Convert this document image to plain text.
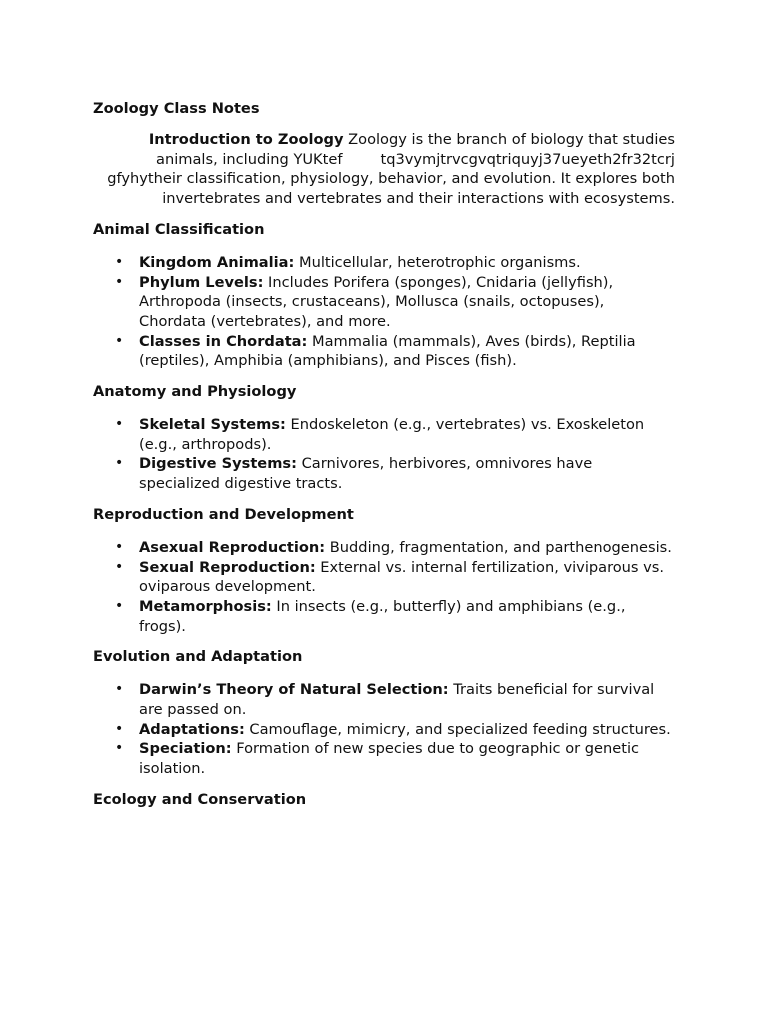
Zoology Class Notes

Introduction to Zoology Zoology is the branch of biology that studies animals, including YUKtef	tq3vymjtrvcgvqtriquyj37ueyeth2fr32tcrj gfyhytheir classification, physiology, behavior, and evolution. It explores both invertebrates and vertebrates and their interactions with ecosystems.

Animal Classification
• Kingdom Animalia: Multicellular, heterotrophic organisms.
• Phylum Levels: Includes Porifera (sponges), Cnidaria (jellyfish), Arthropoda (insects, crustaceans), Mollusca (snails, octopuses), Chordata (vertebrates), and more.
• Classes in Chordata: Mammalia (mammals), Aves (birds), Reptilia (reptiles), Amphibia (amphibians), and Pisces (fish).
Anatomy and Physiology
• Skeletal Systems: Endoskeleton (e.g., vertebrates) vs. Exoskeleton (e.g., arthropods).
• Digestive Systems: Carnivores, herbivores, omnivores have specialized digestive tracts.
Reproduction and Development
• Asexual Reproduction: Budding, fragmentation, and parthenogenesis.
• Sexual Reproduction: External vs. internal fertilization, viviparous vs. oviparous development.
• Metamorphosis: In insects (e.g., butterfly) and amphibians (e.g., frogs).
Evolution and Adaptation
• Darwin’s Theory of Natural Selection: Traits beneficial for survival are passed on.
• Adaptations: Camouflage, mimicry, and specialized feeding structures.
• Speciation: Formation of new species due to geographic or genetic isolation.
Ecology and Conservation
